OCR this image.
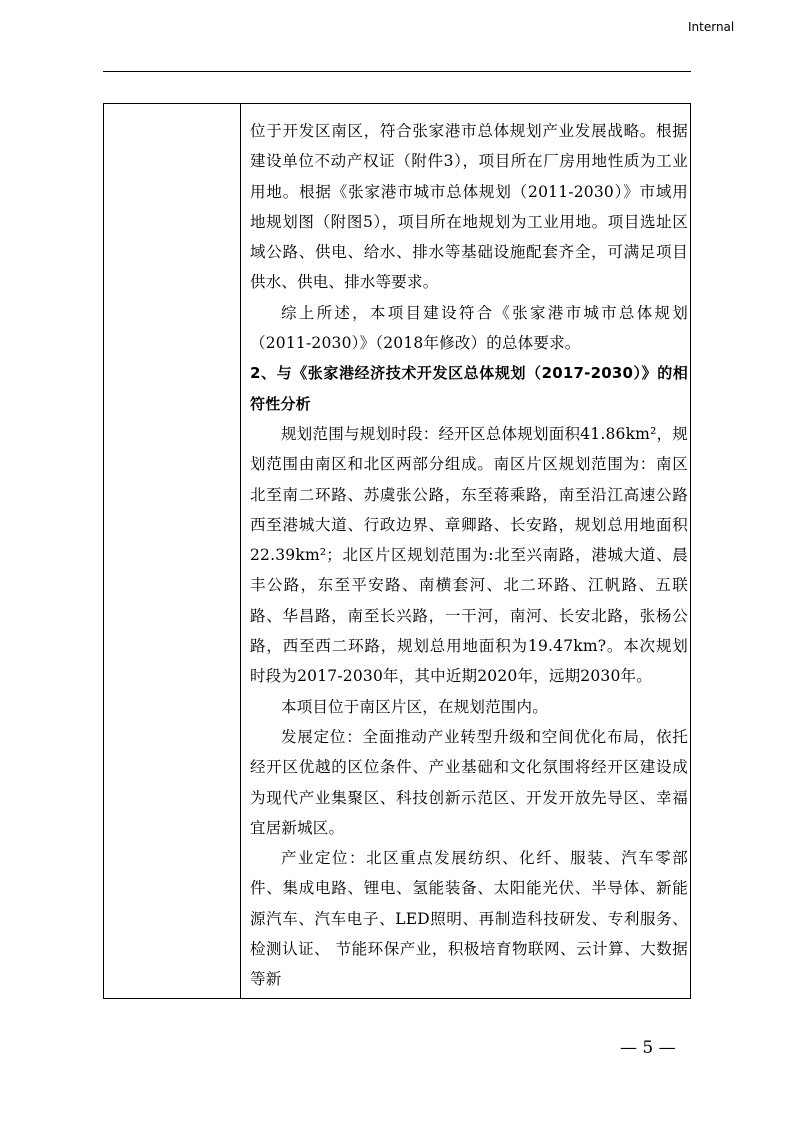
Internal

位于开发区南区，符合张家港市总体规划产业发展战略。根据建设单位不动产权证（附件3），项目所在厂房用地性质为工业用地。根据《张家港市城市总体规划（2011-2030）》市域用地规划图（附图5），项目所在地规划为工业用地。项目选址区域公路、供电、给水、排水等基础设施配套齐全，可满足项目供水、供电、排水等要求。

综上所述，本项目建设符合《张家港市城市总体规划（2011-2030）》（2018年修改）的总体要求。

2、与《张家港经济技术开发区总体规划（2017-2030）》的相符性分析

规划范围与规划时段：经开区总体规划面积41.86km²，规划范围由南区和北区两部分组成。南区片区规划范围为：南区北至南二环路、苏虞张公路，东至蒋乘路，南至沿江高速公路西至港城大道、行政边界、章卿路、长安路，规划总用地面积22.39km²；北区片区规划范围为:北至兴南路，港城大道、晨丰公路，东至平安路、南横套河、北二环路、江帆路、五联路、华昌路，南至长兴路，一干河，南河、长安北路，张杨公路，西至西二环路，规划总用地面积为19.47km?。本次规划时段为2017-2030年，其中近期2020年，远期2030年。

本项目位于南区片区，在规划范围内。

发展定位：全面推动产业转型升级和空间优化布局，依托经开区优越的区位条件、产业基础和文化氛围将经开区建设成为现代产业集聚区、科技创新示范区、开发开放先导区、幸福宜居新城区。

产业定位：北区重点发展纺织、化纤、服装、汽车零部件、集成电路、锂电、氢能装备、太阳能光伏、半导体、新能源汽车、汽车电子、LED照明、再制造科技研发、专利服务、检测认证、 节能环保产业，积极培育物联网、云计算、大数据等新

— 5 —
